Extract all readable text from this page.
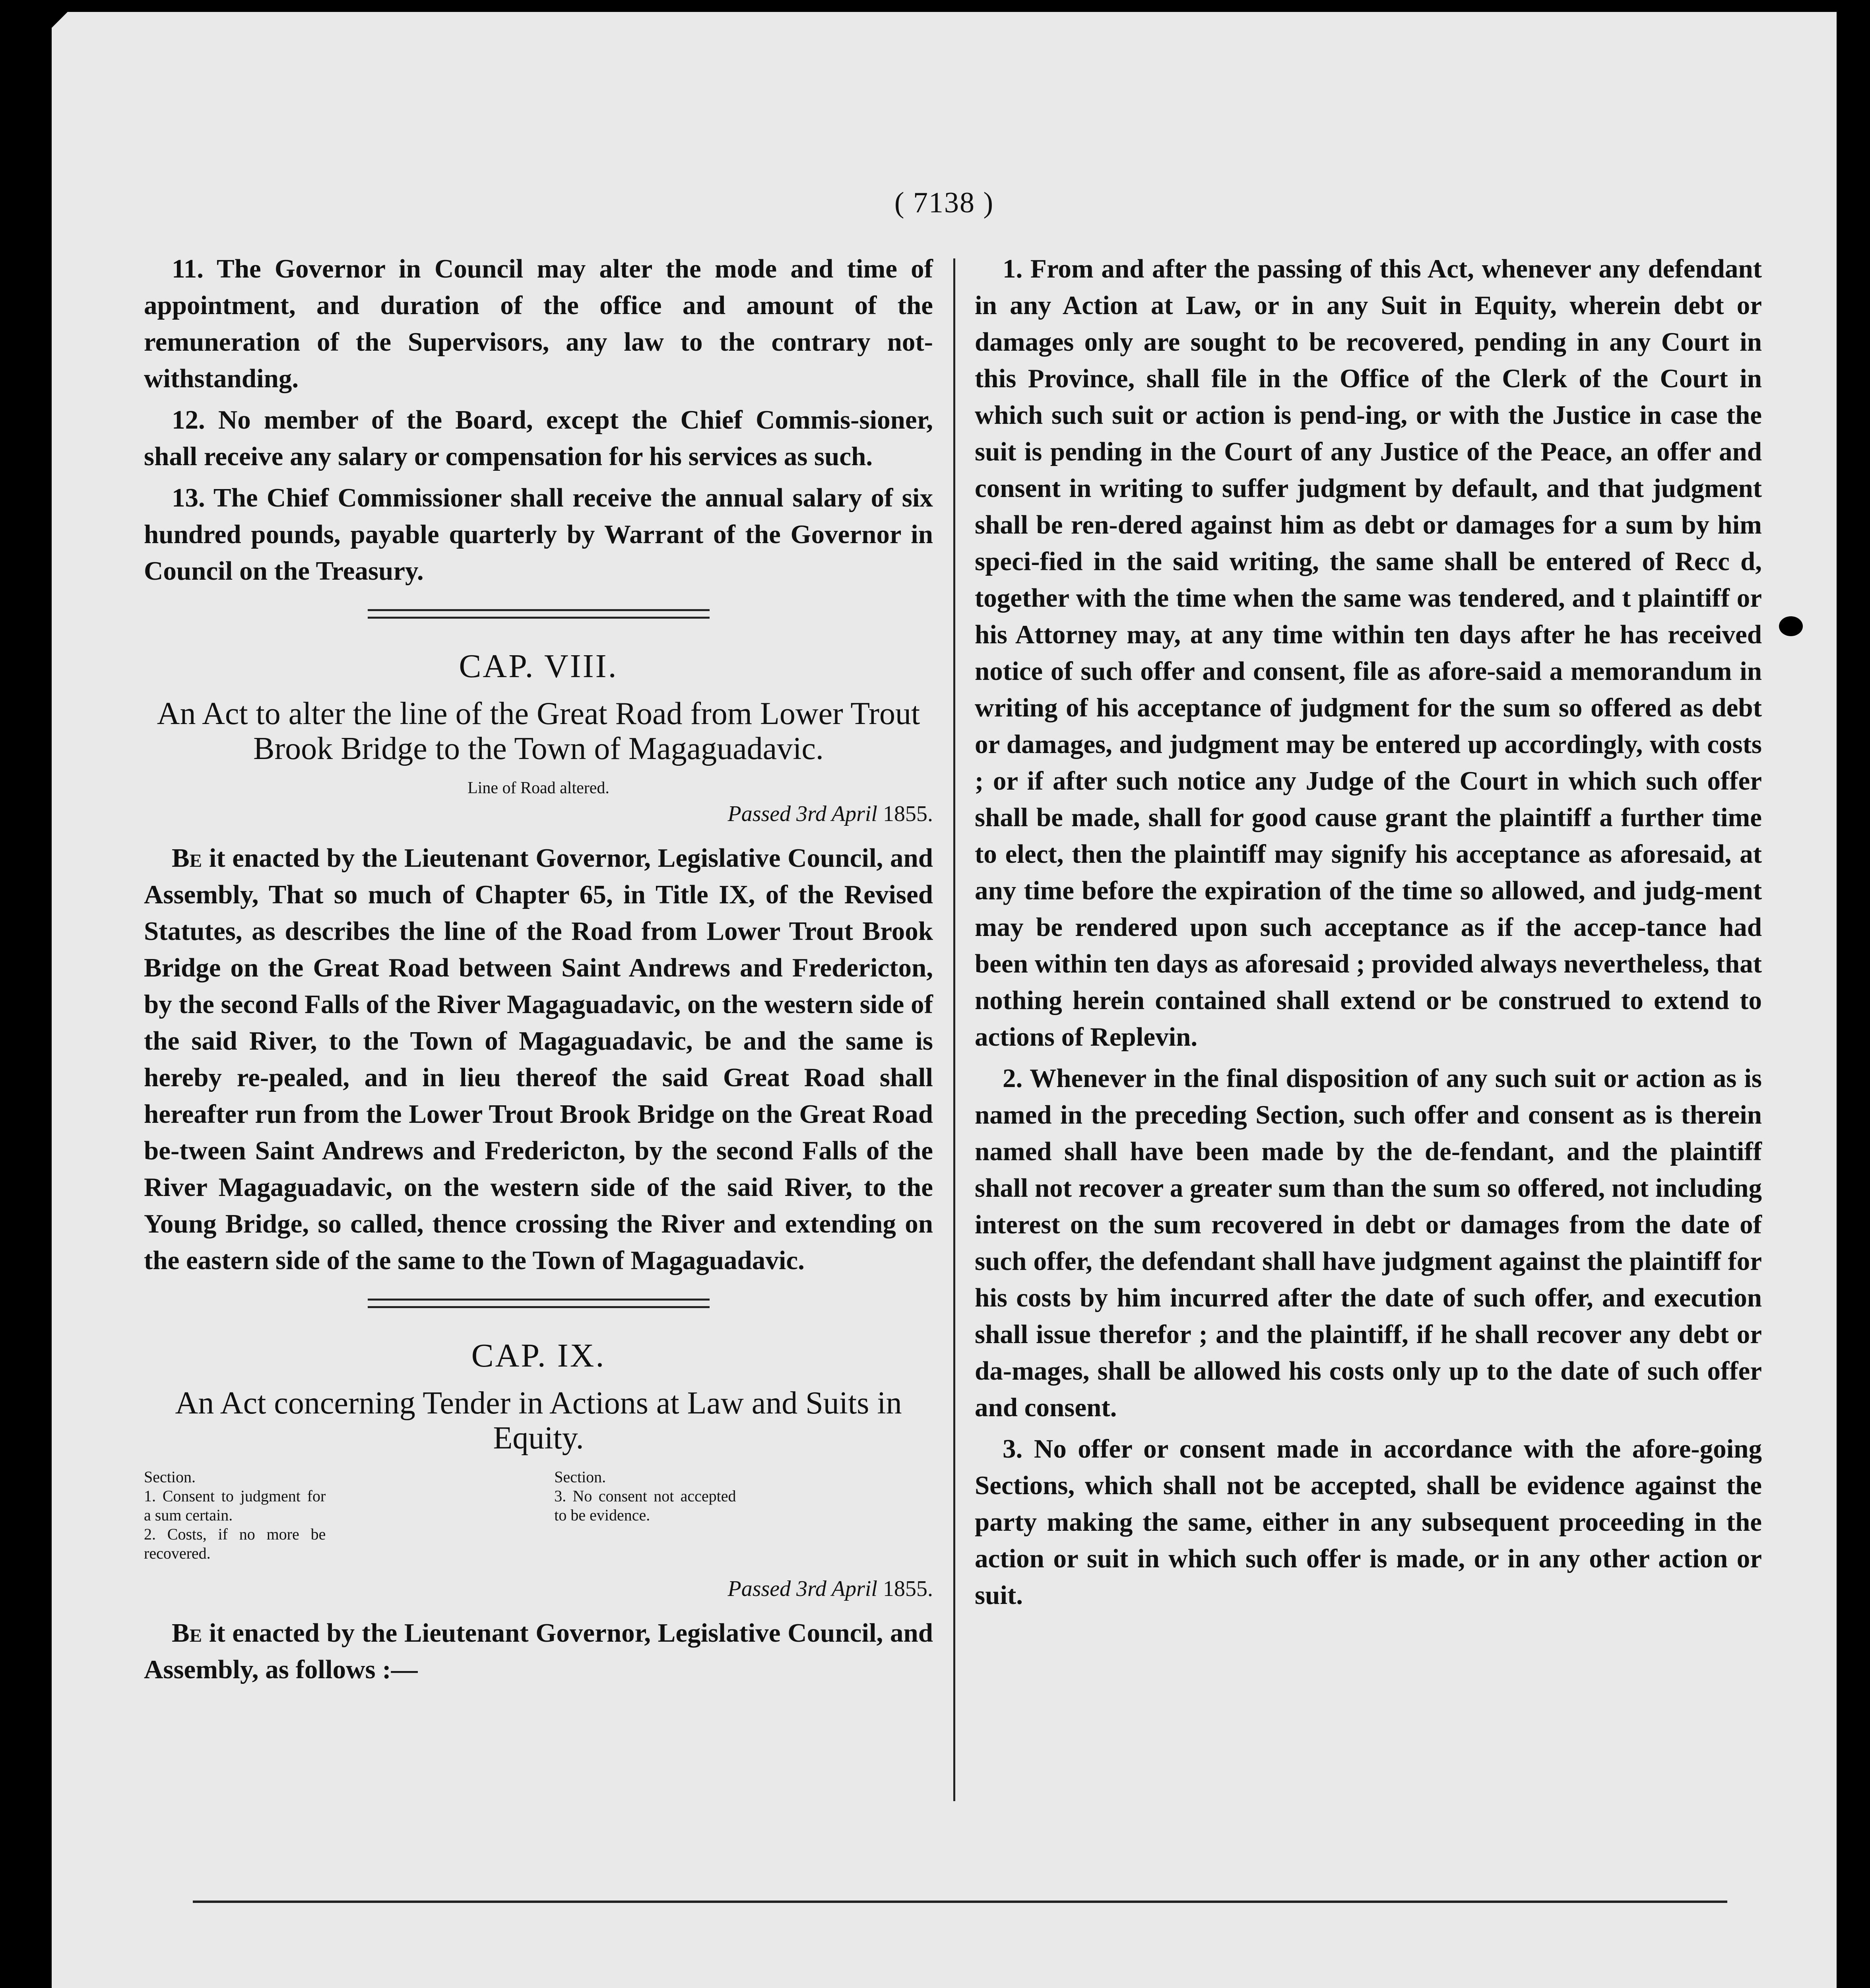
( 7138 )

11. The Governor in Council may alter the mode and time of appointment, and duration of the office and amount of the remuneration of the Supervisors, any law to the contrary not-withstanding.

12. No member of the Board, except the Chief Commis-sioner, shall receive any salary or compensation for his services as such.

13. The Chief Commissioner shall receive the annual salary of six hundred pounds, payable quarterly by Warrant of the Governor in Council on the Treasury.

CAP. VIII.
An Act to alter the line of the Great Road from Lower Trout Brook Bridge to the Town of Magaguadavic.
Line of Road altered.
Passed 3rd April 1855.

Be it enacted by the Lieutenant Governor, Legislative Council, and Assembly, That so much of Chapter 65, in Title IX, of the Revised Statutes, as describes the line of the Road from Lower Trout Brook Bridge on the Great Road between Saint Andrews and Fredericton, by the second Falls of the River Magaguadavic, on the western side of the said River, to the Town of Magaguadavic, be and the same is hereby re-pealed, and in lieu thereof the said Great Road shall hereafter run from the Lower Trout Brook Bridge on the Great Road be-tween Saint Andrews and Fredericton, by the second Falls of the River Magaguadavic, on the western side of the said River, to the Young Bridge, so called, thence crossing the River and extending on the eastern side of the same to the Town of Magaguadavic.

CAP. IX.
An Act concerning Tender in Actions at Law and Suits in Equity.
Section.
1. Consent to judgment for a sum certain.
2. Costs, if no more be recovered.
Section.
3. No consent not accepted to be evidence.
Passed 3rd April 1855.

Be it enacted by the Lieutenant Governor, Legislative Council, and Assembly, as follows :—

1. From and after the passing of this Act, whenever any defendant in any Action at Law, or in any Suit in Equity, wherein debt or damages only are sought to be recovered, pending in any Court in this Province, shall file in the Office of the Clerk of the Court in which such suit or action is pend-ing, or with the Justice in case the suit is pending in the Court of any Justice of the Peace, an offer and consent in writing to suffer judgment by default, and that judgment shall be ren-dered against him as debt or damages for a sum by him speci-fied in the said writing, the same shall be entered of Recc d, together with the time when the same was tendered, and t plaintiff or his Attorney may, at any time within ten days after he has received notice of such offer and consent, file as afore-said a memorandum in writing of his acceptance of judgment for the sum so offered as debt or damages, and judgment may be entered up accordingly, with costs ; or if after such notice any Judge of the Court in which such offer shall be made, shall for good cause grant the plaintiff a further time to elect, then the plaintiff may signify his acceptance as aforesaid, at any time before the expiration of the time so allowed, and judg-ment may be rendered upon such acceptance as if the accep-tance had been within ten days as aforesaid ; provided always nevertheless, that nothing herein contained shall extend or be construed to extend to actions of Replevin.

2. Whenever in the final disposition of any such suit or action as is named in the preceding Section, such offer and consent as is therein named shall have been made by the de-fendant, and the plaintiff shall not recover a greater sum than the sum so offered, not including interest on the sum recovered in debt or damages from the date of such offer, the defendant shall have judgment against the plaintiff for his costs by him incurred after the date of such offer, and execution shall issue therefor ; and the plaintiff, if he shall recover any debt or da-mages, shall be allowed his costs only up to the date of such offer and consent.

3. No offer or consent made in accordance with the afore-going Sections, which shall not be accepted, shall be evidence against the party making the same, either in any subsequent proceeding in the action or suit in which such offer is made, or in any other action or suit.
